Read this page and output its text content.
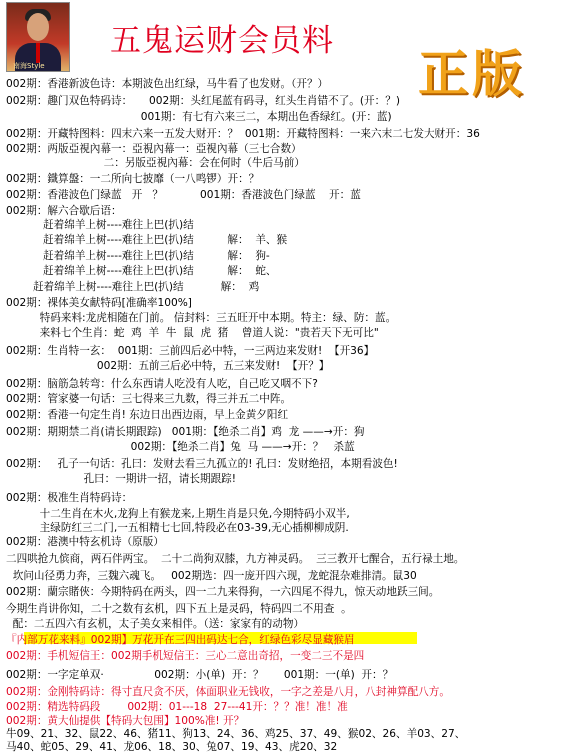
南海Style
五鬼运财会员料
正版
002期：香港新波色诗：本期波色出红绿，马牛看了也发财。（开？）
002期：趣门双色特码诗：     002期：头红尾蓝有码寻，红头生肖错不了。(开：？)
001期：有七有六来三二，本期出色香绿红。(开：蓝)
002期：开藏特图料：四末六来一五发大财开：？  001期：开藏特图料：一来六末二七发大财开：36
002期：两版亞視內幕一：亞視內幕一：亞視內幕（三七合数）
二：另版亞視內幕：会在何时（牛后马前）
002期：鐵算盤：一二所向七披靡（一八鸣锣）开：？
002期：香港波色门绿蓝   开   ？           001期：香港波色门绿蓝    开：蓝
002期：解六合歇后语：
赶着绵羊上树----难往上巴(扒)结
赶着绵羊上树----难往上巴(扒)结          解：  羊、猴
赶着绵羊上树----难往上巴(扒)结          解：  狗-
赶着绵羊上树----难往上巴(扒)结          解：  蛇、
赶着绵羊上树----难往上巴(扒)结           解：  鸡
002期：裸体美女献特码[准确率100%]
特码来料:龙虎相随在门前。 信封料：三五旺开中本期。特主：绿、防：蓝。
来料七个生肖：蛇  鸡  羊  牛  鼠  虎  猪    曾道人说："贵若天下无可比"
002期：生肖特一玄：  001期：三前四后必中特，一三两边来发财!  【开36】
002期：五前三后必中特，五三来发财!  【开？】
002期：脑筋急转弯：什么东西请人吃没有人吃，自己吃又咽不下?
002期：管家婆一句话：三七得来三九数，得三并五二中阵。
002期：香港一句定生肖! 东边日出西边雨，早上金黄夕阳红
002期：期期禁二肖(请长期跟踪)   001期：【绝杀二肖】鸡  龙 ——→开：狗
002期：【绝杀二肖】兔  马 ——→开：？   杀蓝
002期：   孔子一句话：孔曰：发财去看三九孤立的! 孔曰：发财绝招，本期看波色!
孔曰：一期讲一招，请长期跟踪!
002期：极准生肖特码诗：
十二生肖在木火,龙狗上有猴龙来,上期生肖是只免,今期特码小双半,
主绿防红三二门,一五相精七七回,特段必在03-39,无心插柳柳成阴.
002期：港澳中特玄机诗（原版）
二四哄抢九傧商，两石伴两宝。  二十二尚狗双膝，九方神灵码。  三三教开七醒合，五行禄土地。
坎问山径勇力奔，三魏六魂飞。   002期选：四一庞开四六现，龙蛇混杂难排清。鼠30
002期：蘭宗賭俠：今期特码在两头，四一二九来得狗，一六四尾不得九，惊天动地跃三间。
今期生肖讲你知，二十之数有玄机，四下五上是灵码，特码四二不用查  。
配：二五四六有玄机，太子美女来相伴。（送：家家有的动物）
『内部万花来料』002期】万花开在三四出码达七合，红绿色彩尽显藏猴眉
002期：手机短信王：002期手机短信王：三心二意出奇招，一变二三不是四
002期：一字定单双·               002期：小(单)  开：？      001期：一(单)  开：？
002期：金刚特码诗：得寸直尺贪不厌，体面职业无钱收，一字之差是八月，八封神算配八方。
002期：精选特码段        002期：01---18  27---41开：？？准！准！准
002期：黄大仙提供【特码大包围】100%准! 开？
牛09、21、32、鼠22、46、猪11、狗13、24、36、鸡25、37、49、猴02、26、羊03、27、
马40、蛇05、29、41、龙06、18、30、兔07、19、43、虎20、32
